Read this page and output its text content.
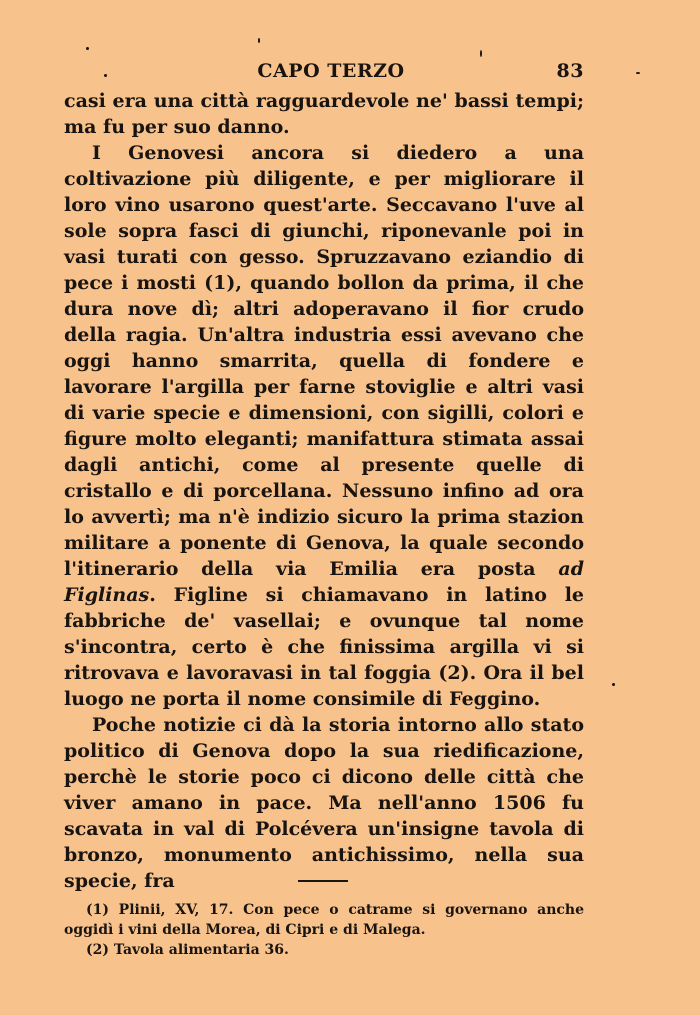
CAPO TERZO	83

casi era una città ragguardevole ne' bassi tempi; ma fu per suo danno.

I Genovesi ancora si diedero a una coltivazione più diligente, e per migliorare il loro vino usarono quest'arte. Seccavano l'uve al sole sopra fasci di giunchi, riponevanle poi in vasi turati con gesso. Spruzzavano eziandio di pece i mosti (1), quando bollon da prima, il che dura nove dì; altri adoperavano il fior crudo della ragia. Un'altra industria essi avevano che oggi hanno smarrita, quella di fondere e lavorare l'argilla per farne stoviglie e altri vasi di varie specie e dimensioni, con sigilli, colori e figure molto eleganti; manifattura stimata assai dagli antichi, come al presente quelle di cristallo e di porcellana. Nessuno infino ad ora lo avvertì; ma n'è indizio sicuro la prima stazion militare a ponente di Genova, la quale secondo l'itinerario della via Emilia era posta ad Figlinas. Figline si chiamavano in latino le fabbriche de' vasellai; e ovunque tal nome s'incontra, certo è che finissima argilla vi si ritrovava e lavoravasi in tal foggia (2). Ora il bel luogo ne porta il nome consimile di Feggino.

Poche notizie ci dà la storia intorno allo stato politico di Genova dopo la sua riedificazione, perchè le storie poco ci dicono delle città che viver amano in pace. Ma nell'anno 1506 fu scavata in val di Polcévera un'insigne tavola di bronzo, monumento antichissimo, nella sua specie, fra

(1) Plinii, XV, 17. Con pece o catrame si governano anche oggidì i vini della Morea, di Cipri e di Malega.

(2) Tavola alimentaria 36.
